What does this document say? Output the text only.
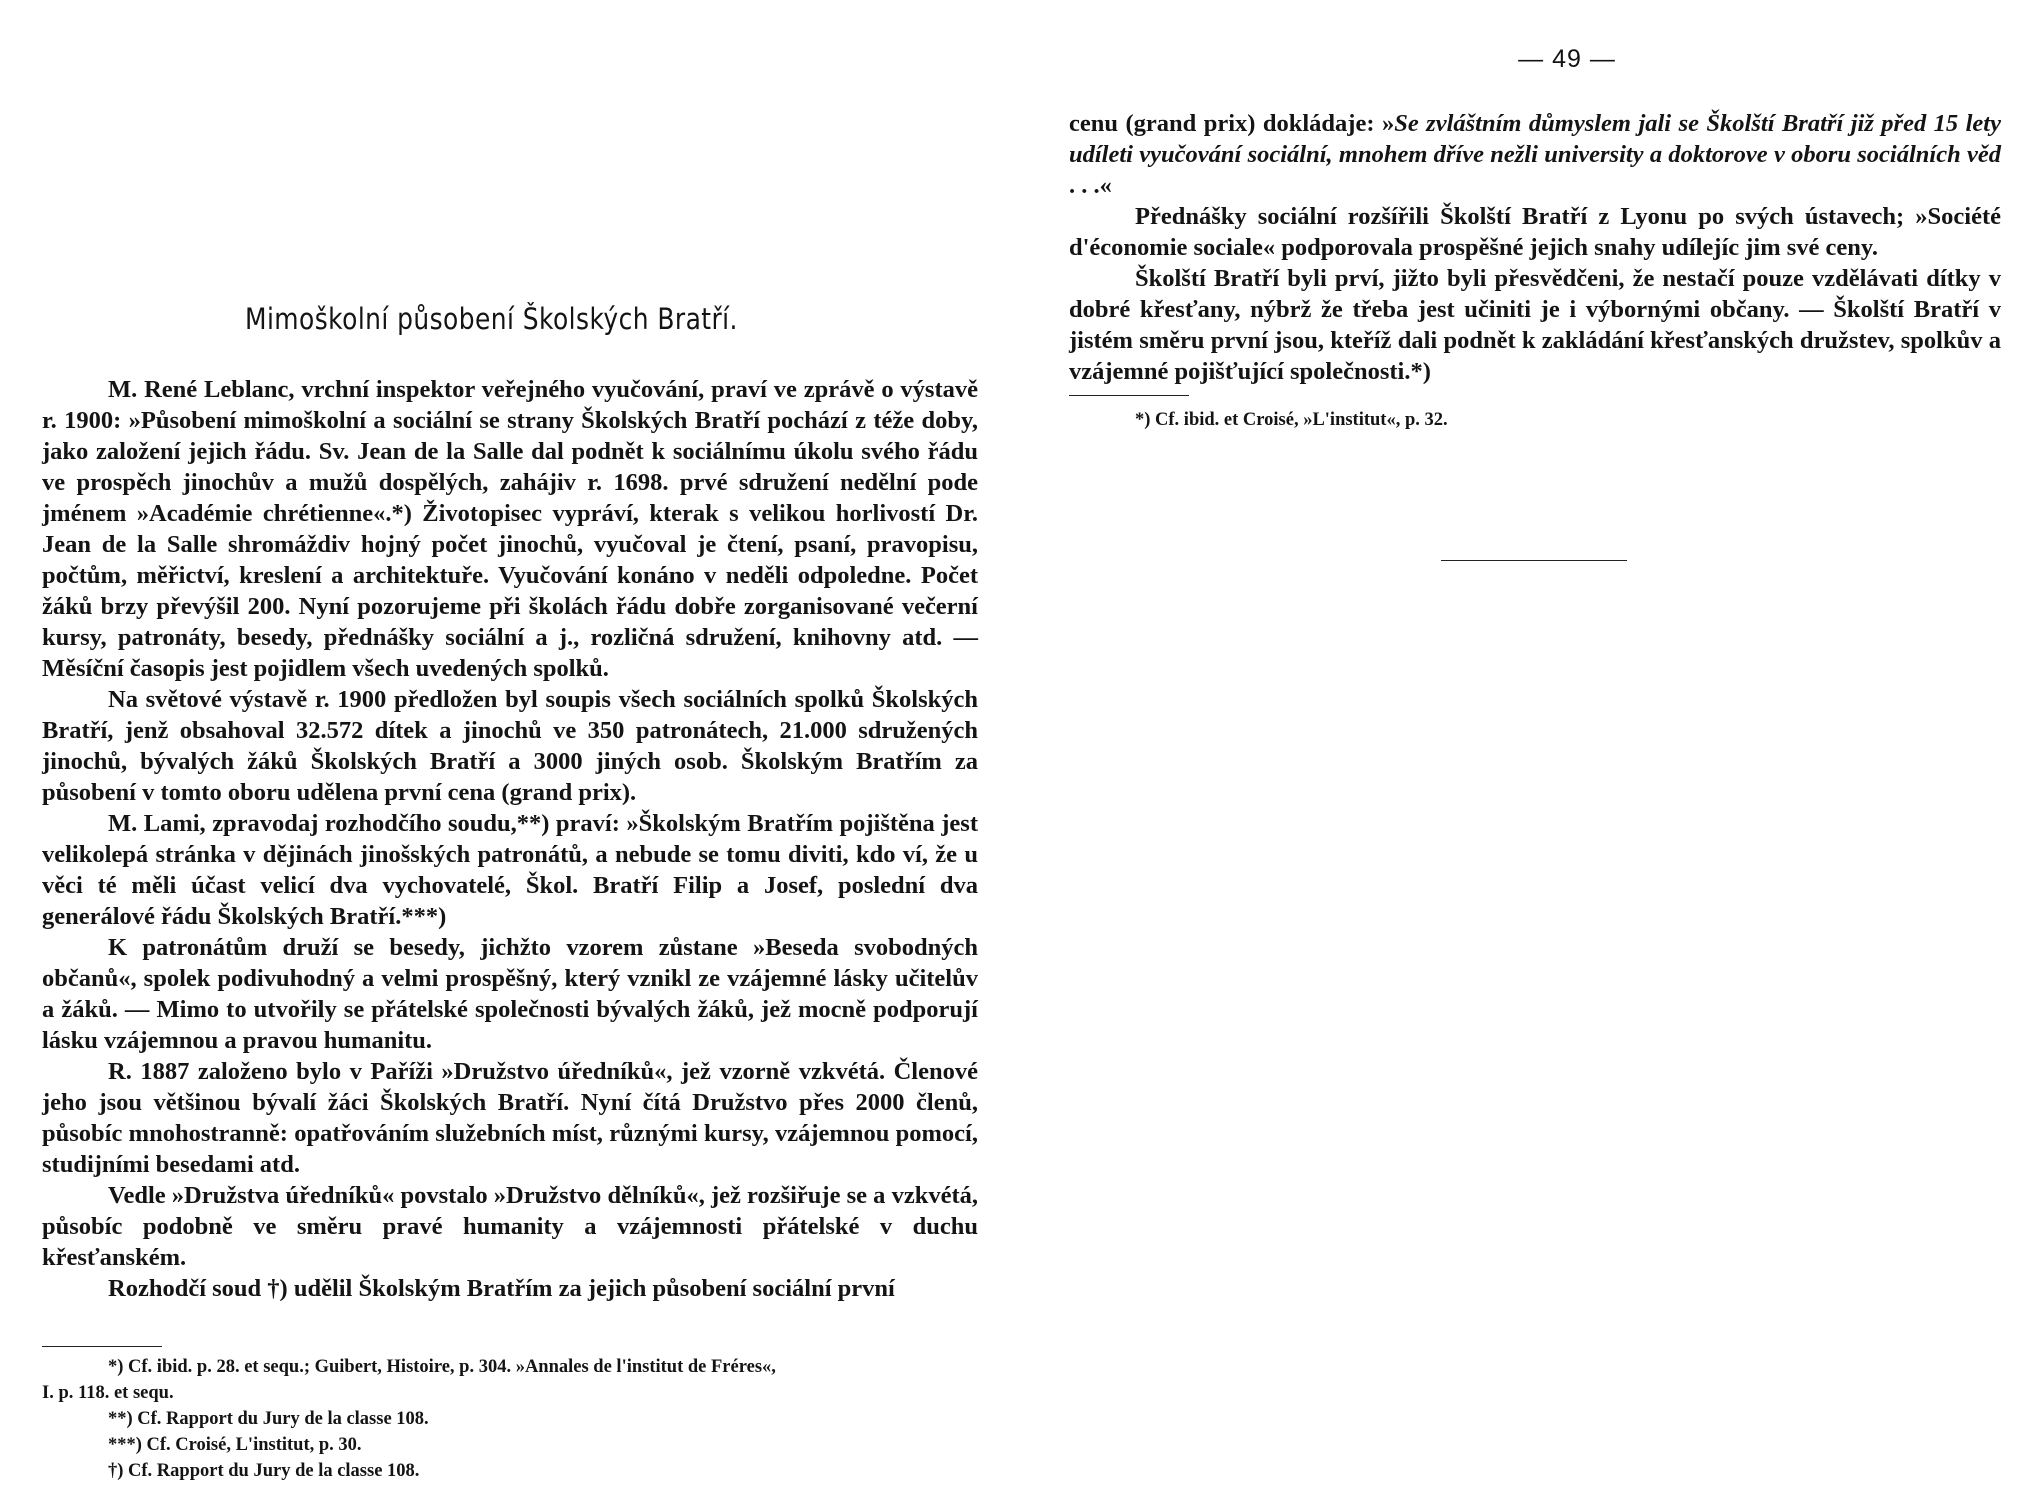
Mimoškolní působení Školských Bratří.

M. René Leblanc, vrchní inspektor veřejného vyučování, praví ve zprávě o výstavě r. 1900: »Působení mimoškolní a sociální se strany Školských Bratří pochází z téže doby, jako založení jejich řádu. Sv. Jean de la Salle dal podnět k sociálnímu úkolu svého řádu ve prospěch jinochův a mužů dospělých, zahájiv r. 1698. prvé sdružení nedělní pode jménem »Académie chrétienne«.*) Životopisec vypráví, kterak s velikou horlivostí Dr. Jean de la Salle shromáždiv hojný počet jinochů, vyučoval je čtení, psaní, pravopisu, počtům, měřictví, kreslení a architektuře. Vyučování konáno v neděli odpoledne. Počet žáků brzy převýšil 200. Nyní pozorujeme při školách řádu dobře zorganisované večerní kursy, patronáty, besedy, přednášky sociální a j., rozličná sdružení, knihovny atd. — Měsíční časopis jest pojidlem všech uvedených spolků.

Na světové výstavě r. 1900 předložen byl soupis všech sociálních spolků Školských Bratří, jenž obsahoval 32.572 dítek a jinochů ve 350 patronátech, 21.000 sdružených jinochů, bývalých žáků Školských Bratří a 3000 jiných osob. Školským Bratřím za působení v tomto oboru udělena první cena (grand prix).

M. Lami, zpravodaj rozhodčího soudu,**) praví: »Školským Bratřím pojištěna jest velikolepá stránka v dějinách jinošských patronátů, a nebude se tomu diviti, kdo ví, že u věci té měli účast velicí dva vychovatelé, Škol. Bratří Filip a Josef, poslední dva generálové řádu Školských Bratří.***)

K patronátům druží se besedy, jichžto vzorem zůstane »Beseda svobodných občanů«, spolek podivuhodný a velmi prospěšný, který vznikl ze vzájemné lásky učitelův a žáků. — Mimo to utvořily se přátelské společnosti bývalých žáků, jež mocně podporují lásku vzájemnou a pravou humanitu.

R. 1887 založeno bylo v Paříži »Družstvo úředníků«, jež vzorně vzkvétá. Členové jeho jsou většinou bývalí žáci Školských Bratří. Nyní čítá Družstvo přes 2000 členů, působíc mnohostranně: opatřováním služebních míst, různými kursy, vzájemnou pomocí, studijními besedami atd.

Vedle »Družstva úředníků« povstalo »Družstvo dělníků«, jež rozšiřuje se a vzkvétá, působíc podobně ve směru pravé humanity a vzájemnosti přátelské v duchu křesťanském.

Rozhodčí soud †) udělil Školským Bratřím za jejich působení sociální první

*) Cf. ibid. p. 28. et sequ.; Guibert, Histoire, p. 304. »Annales de l'institut de Fréres«,

I. p. 118. et sequ.

**) Cf. Rapport du Jury de la classe 108.

***) Cf. Croisé, L'institut, p. 30.

†) Cf. Rapport du Jury de la classe 108.

— 49 —

cenu (grand prix) dokládaje: »Se zvláštním důmyslem jali se Školští Bratří již před 15 lety udíleti vyučování sociální, mnohem dříve nežli university a doktorove v oboru sociálních věd . . .«

Přednášky sociální rozšířili Školští Bratří z Lyonu po svých ústavech; »Société d'économie sociale« podporovala prospěšné jejich snahy udílejíc jim své ceny.

Školští Bratří byli prví, jižto byli přesvědčeni, že nestačí pouze vzdělávati dítky v dobré křesťany, nýbrž že třeba jest učiniti je i výbornými občany. — Školští Bratří v jistém směru první jsou, kteříž dali podnět k zakládání křesťanských družstev, spolkův a vzájemné pojišťující společnosti.*)

*) Cf. ibid. et Croisé, »L'institut«, p. 32.
